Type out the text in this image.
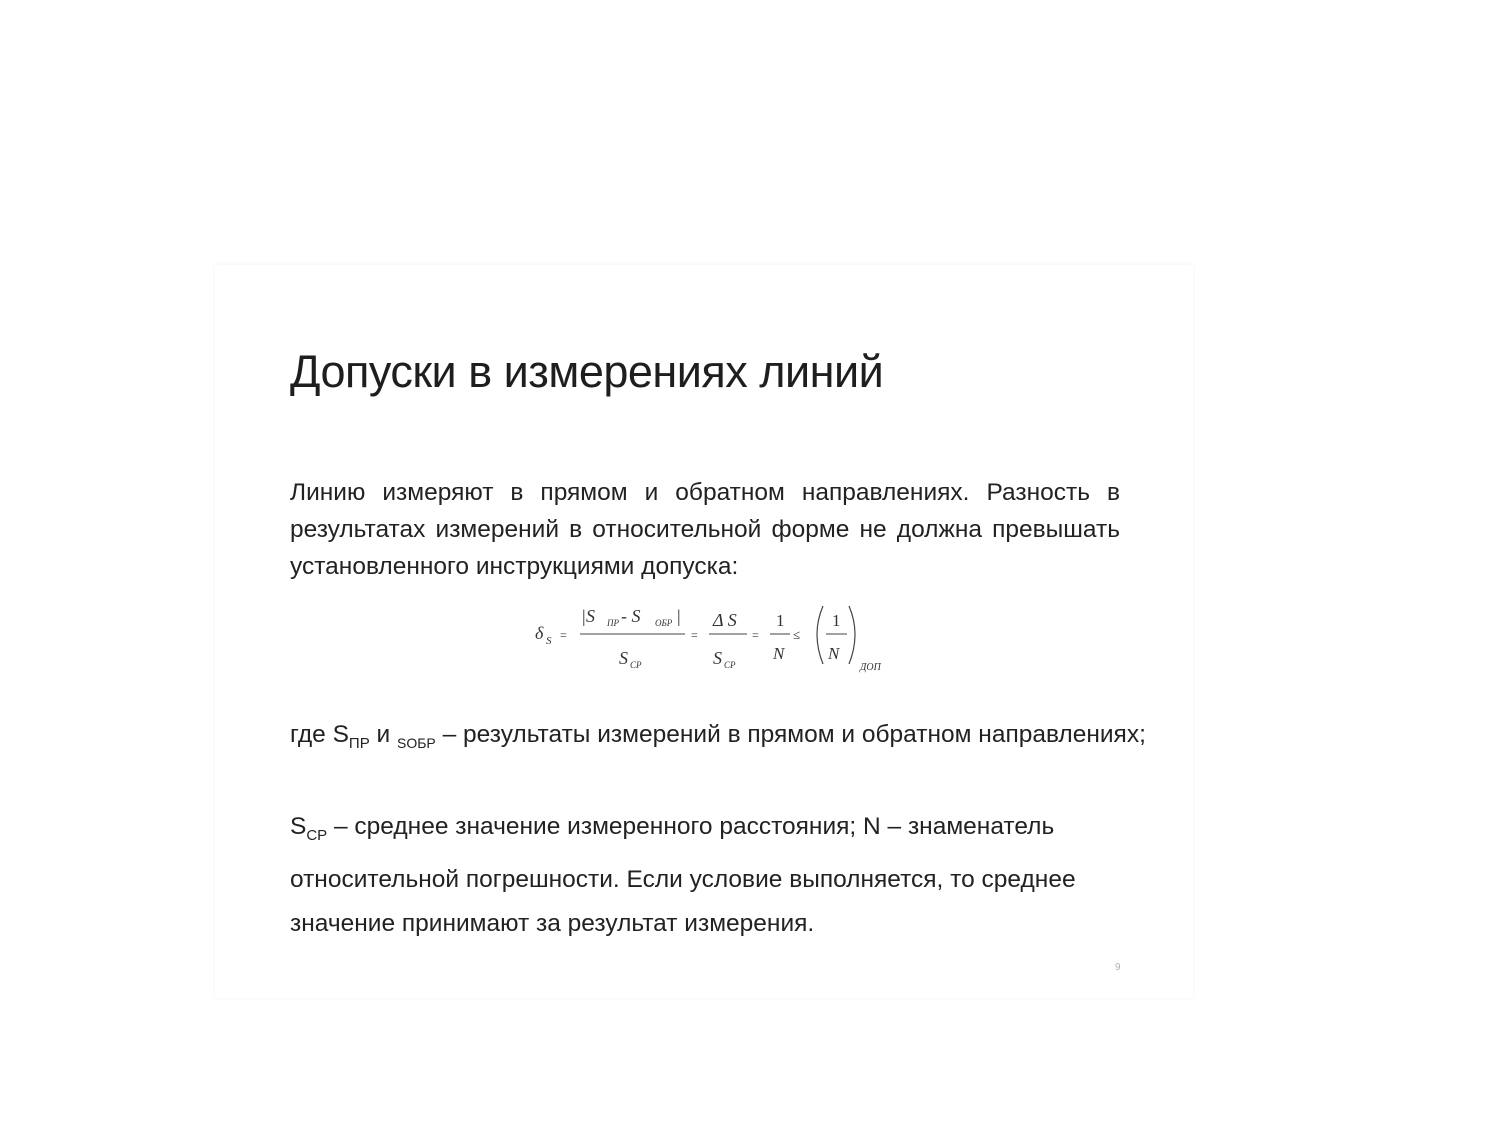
Допуски в измерениях линий
Линию измеряют в прямом и обратном направлениях. Разность в результатах измерений в относительной форме не должна превышать установленного инструкциями допуска:
δ S =
|S ПР - S ОБР |
S СР
=
Δ S
S СР
=
1
N
≤
1
N
ДОП
где $S_{ПР}$ и $_{SОБР}$ – результаты измерений в прямом и обратном направлениях;
$S_{СР}$ – среднее значение измеренного расстояния; N – знаменатель относительной погрешности. Если условие выполняется, то среднее значение принимают за результат измерения.
9
